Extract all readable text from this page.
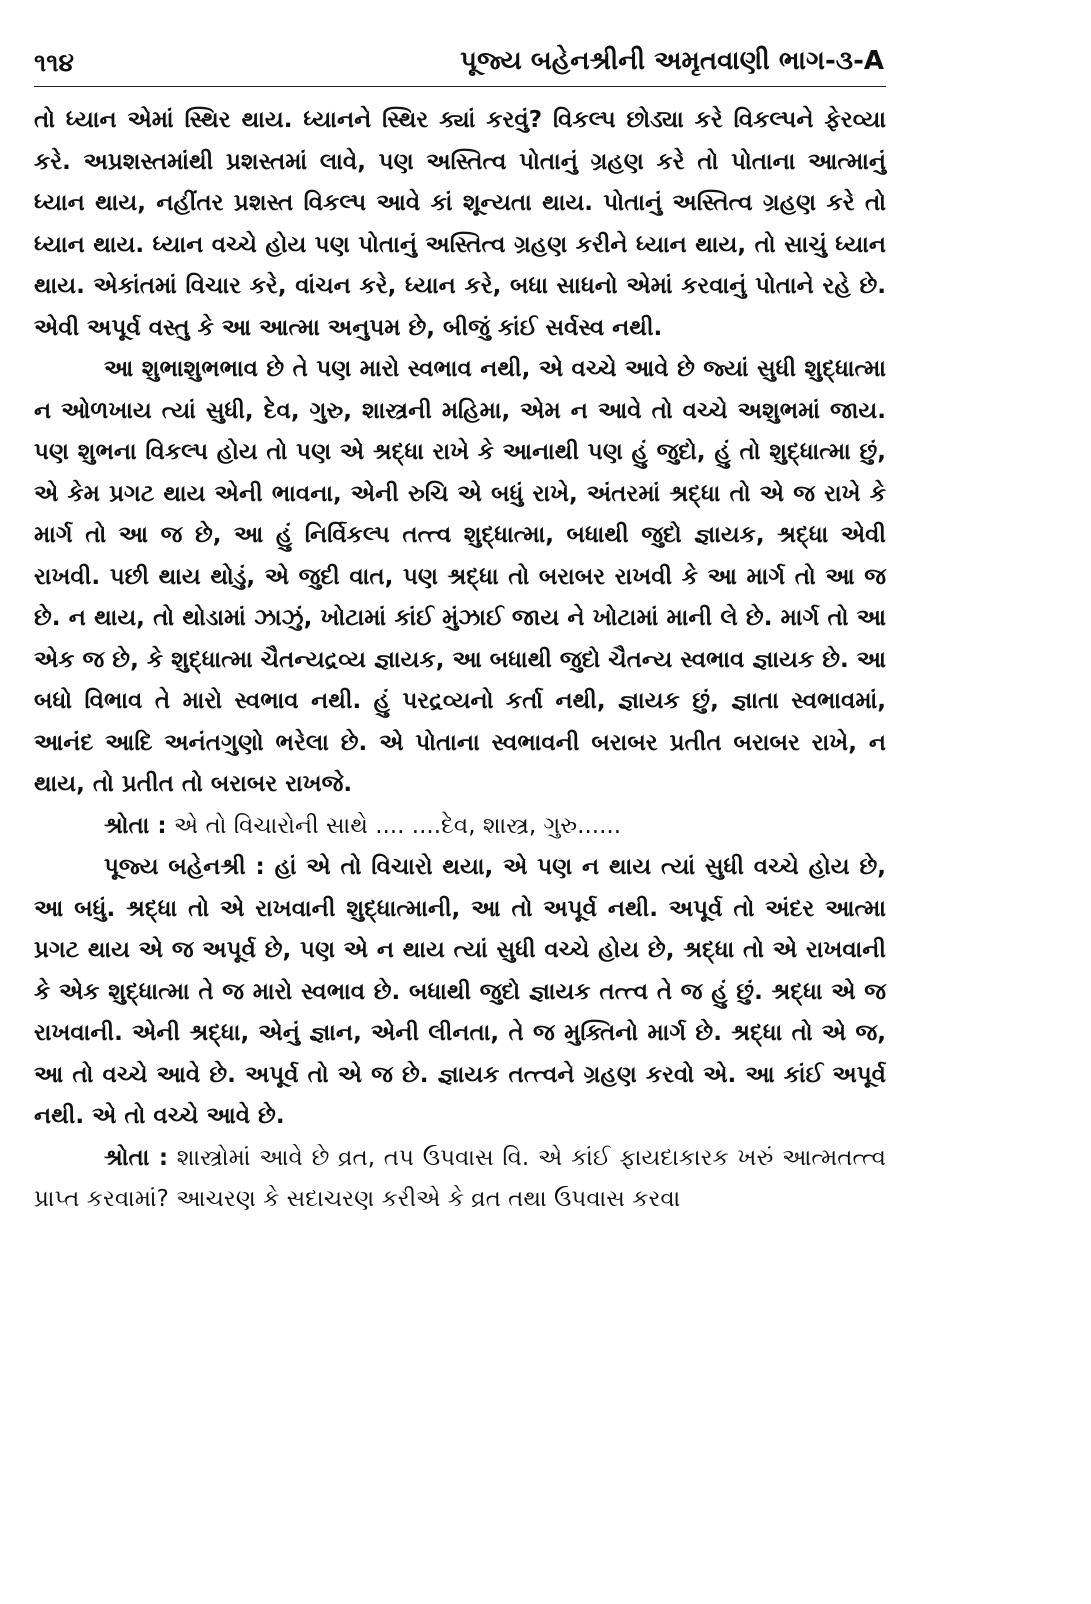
૧૧૪	પૂજ્ય બહેનશ્રીની અમૃતવાણી ભાગ-૩-A

તો ધ્યાન એમાં સ્થિર થાય. ધ્યાનને સ્થિર ક્યાં કરવું? વિકલ્પ છોડ્યા કરે વિકલ્પને ફેરવ્યા કરે. અપ્રશસ્તમાંથી પ્રશસ્તમાં લાવે, પણ અસ્તિત્વ પોતાનું ગ્રહણ કરે તો પોતાના આત્માનું ધ્યાન થાય, નહીંતર પ્રશસ્ત વિકલ્પ આવે કાં શૂન્યતા થાય. પોતાનું અસ્તિત્વ ગ્રહણ કરે તો ધ્યાન થાય. ધ્યાન વચ્ચે હોય પણ પોતાનું અસ્તિત્વ ગ્રહણ કરીને ધ્યાન થાય, તો સાચું ધ્યાન થાય. એકાંતમાં વિચાર કરે, વાંચન કરે, ધ્યાન કરે, બધા સાધનો એમાં કરવાનું પોતાને રહે છે. એવી અપૂર્વ વસ્તુ કે આ આત્મા અનુપમ છે, બીજું કાંઈ સર્વસ્વ નથી.

આ શુભાશુભભાવ છે તે પણ મારો સ્વભાવ નથી, એ વચ્ચે આવે છે જ્યાં સુધી શુદ્ધાત્મા ન ઓળખાય ત્યાં સુધી, દેવ, ગુરુ, શાસ્ત્રની મહિમા, એમ ન આવે તો વચ્ચે અશુભમાં જાય. પણ શુભના વિકલ્પ હોય તો પણ એ શ્રદ્ધા રાખે કે આનાથી પણ હું જુદો, હું તો શુદ્ધાત્મા છું, એ કેમ પ્રગટ થાય એની ભાવના, એની રુચિ એ બધું રાખે, અંતરમાં શ્રદ્ધા તો એ જ રાખે કે માર્ગ તો આ જ છે, આ હું નિર્વિકલ્પ તત્ત્વ શુદ્ધાત્મા, બધાથી જુદો જ્ઞાયક, શ્રદ્ધા એવી રાખવી. પછી થાય થોડું, એ જુદી વાત, પણ શ્રદ્ધા તો બરાબર રાખવી કે આ માર્ગ તો આ જ છે. ન થાય, તો થોડામાં ઝાઝું, ખોટામાં કાંઈ મુંઝાઈ જાય ને ખોટામાં માની લે છે. માર્ગ તો આ એક જ છે, કે શુદ્ધાત્મા ચૈતન્યદ્રવ્ય જ્ઞાયક, આ બધાથી જુદો ચૈતન્ય સ્વભાવ જ્ઞાયક છે. આ બધો વિભાવ તે મારો સ્વભાવ નથી. હું પરદ્રવ્યનો કર્તા નથી, જ્ઞાયક છું, જ્ઞાતા સ્વભાવમાં, આનંદ આદિ અનંતગુણો ભરેલા છે. એ પોતાના સ્વભાવની બરાબર પ્રતીત બરાબર રાખે, ન થાય, તો પ્રતીત તો બરાબર રાખજે.

શ્રોતા : એ તો વિચારોની સાથે .... ....દેવ, શાસ્ત્ર, ગુરુ......

પૂજ્ય બહેનશ્રી : હાં એ તો વિચારો થયા, એ પણ ન થાય ત્યાં સુધી વચ્ચે હોય છે, આ બધું. શ્રદ્ધા તો એ રાખવાની શુદ્ધાત્માની, આ તો અપૂર્વ નથી. અપૂર્વ તો અંદર આત્મા પ્રગટ થાય એ જ અપૂર્વ છે, પણ એ ન થાય ત્યાં સુધી વચ્ચે હોય છે, શ્રદ્ધા તો એ રાખવાની કે એક શુદ્ધાત્મા તે જ મારો સ્વભાવ છે. બધાથી જુદો જ્ઞાયક તત્ત્વ તે જ હું છું. શ્રદ્ધા એ જ રાખવાની. એની શ્રદ્ધા, એનું જ્ઞાન, એની લીનતા, તે જ મુક્તિનો માર્ગ છે. શ્રદ્ધા તો એ જ, આ તો વચ્ચે આવે છે. અપૂર્વ તો એ જ છે. જ્ઞાયક તત્ત્વને ગ્રહણ કરવો એ. આ કાંઈ અપૂર્વ નથી. એ તો વચ્ચે આવે છે.

શ્રોતા : શાસ્ત્રોમાં આવે છે વ્રત, તપ ઉપવાસ વિ. એ કાંઈ ફાયદાકારક ખરું આત્મતત્ત્વ પ્રાપ્ત કરવામાં? આચરણ કે સદાચરણ કરીએ કે વ્રત તથા ઉપવાસ કરવા
